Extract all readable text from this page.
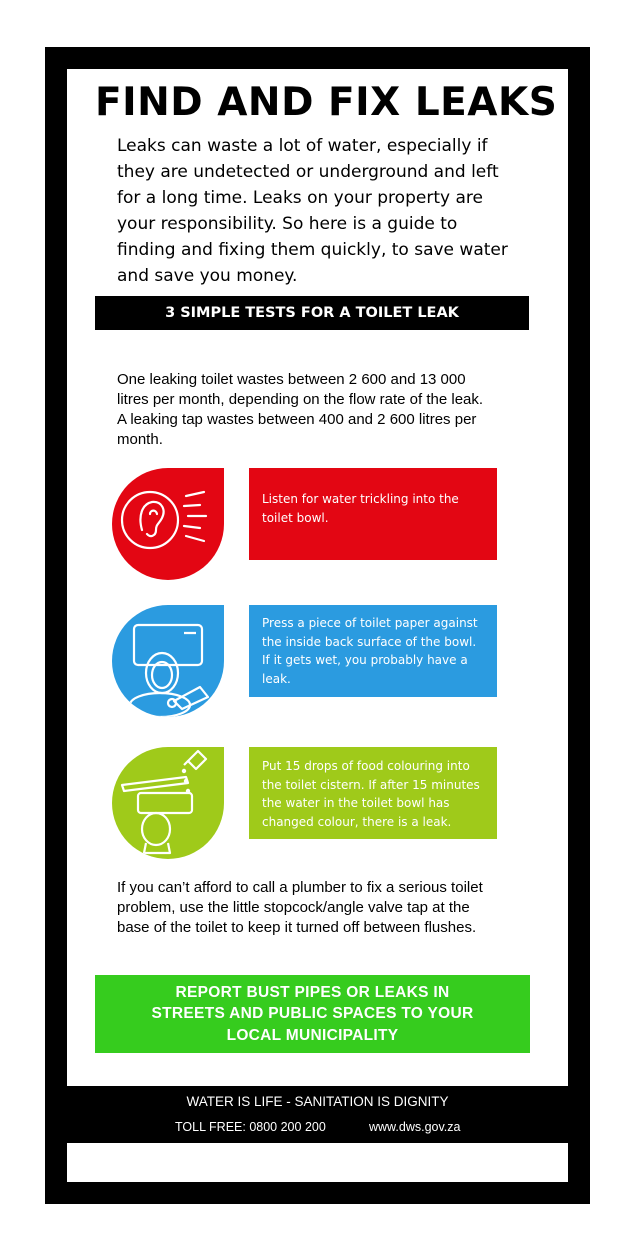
FIND AND FIX LEAKS
Leaks can waste a lot of water, especially if they are undetected or underground and left for a long time. Leaks on your property are your responsibility. So here is a guide to finding and fixing them quickly, to save water and save you money.
3 SIMPLE TESTS FOR A TOILET LEAK
One leaking toilet wastes between 2 600 and 13 000 litres per month, depending on the flow rate of the leak. A leaking tap wastes between 400 and 2 600 litres per month.
Listen for water trickling into the toilet bowl.
Press a piece of toilet paper against the inside back surface of the bowl. If it gets wet, you probably have a leak.
Put 15 drops of food colouring into the toilet cistern. If after 15 minutes the water in the toilet bowl has changed colour, there is a leak.
If you can’t afford to call a plumber to fix a serious toilet problem, use the little stopcock/angle valve tap at the base of the toilet to keep it turned off between flushes.
REPORT BUST PIPES OR LEAKS IN STREETS AND PUBLIC SPACES TO YOUR LOCAL MUNICIPALITY
WATER IS LIFE - SANITATION IS DIGNITY
TOLL FREE: 0800 200 200	www.dws.gov.za
